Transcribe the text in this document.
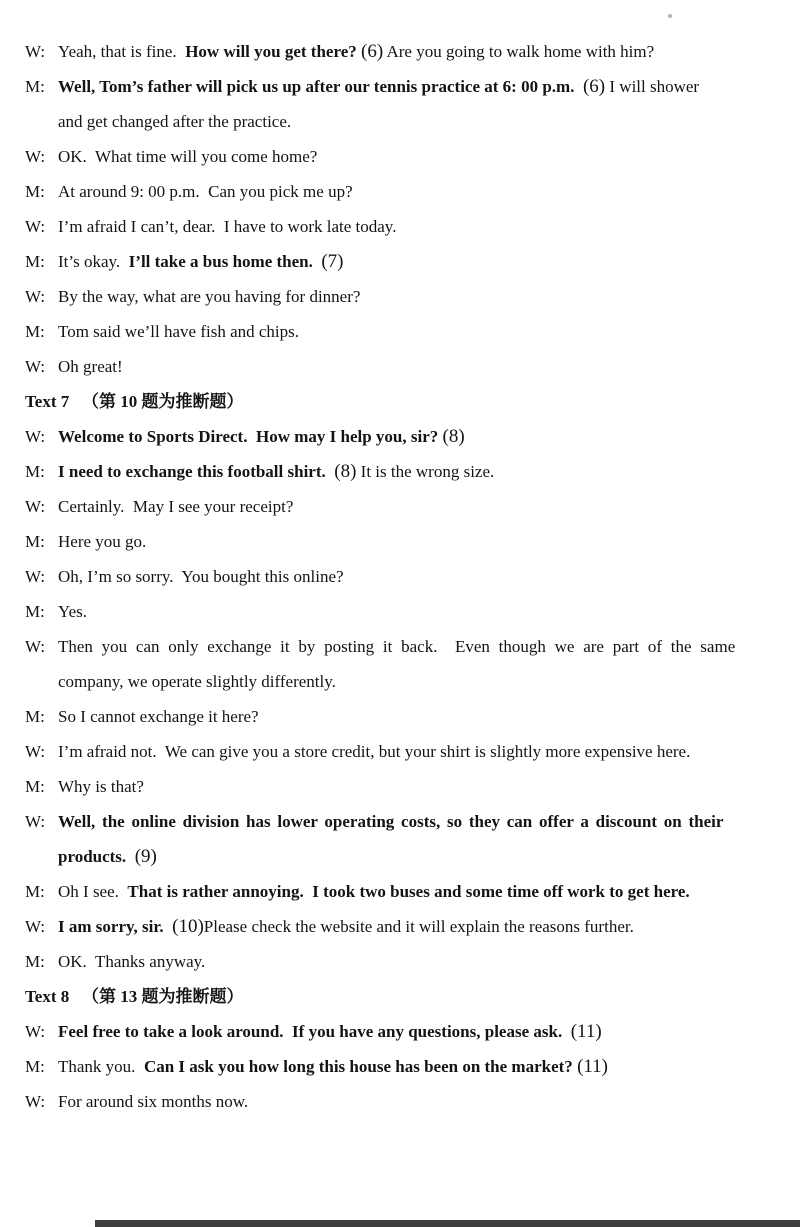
W: Yeah, that is fine.  How will you get there? (6) Are you going to walk home with him?
M: Well, Tom’s father will pick us up after our tennis practice at 6: 00 p.m.  (6) I will shower
and get changed after the practice.
W: OK.  What time will you come home?
M: At around 9: 00 p.m.  Can you pick me up?
W: I’m afraid I can’t, dear.  I have to work late today.
M: It’s okay.  I’ll take a bus home then.  (7)
W: By the way, what are you having for dinner?
M: Tom said we’ll have fish and chips.
W: Oh great!
Text 7   （第 10 题为推断题）
W: Welcome to Sports Direct.  How may I help you, sir? (8)
M: I need to exchange this football shirt.  (8) It is the wrong size.
W: Certainly.  May I see your receipt?
M: Here you go.
W: Oh, I’m so sorry.  You bought this online?
M: Yes.
W: Then you can only exchange it by posting it back.  Even though we are part of the same
company, we operate slightly differently.
M: So I cannot exchange it here?
W: I’m afraid not.  We can give you a store credit, but your shirt is slightly more expensive here.
M: Why is that?
W: Well, the online division has lower operating costs, so they can offer a discount on their
products.  (9)
M: Oh I see.  That is rather annoying.  I took two buses and some time off work to get here.
W: I am sorry, sir.  (10)Please check the website and it will explain the reasons further.
M: OK.  Thanks anyway.
Text 8   （第 13 题为推断题）
W: Feel free to take a look around.  If you have any questions, please ask.  (11)
M: Thank you.  Can I ask you how long this house has been on the market? (11)
W: For around six months now.
